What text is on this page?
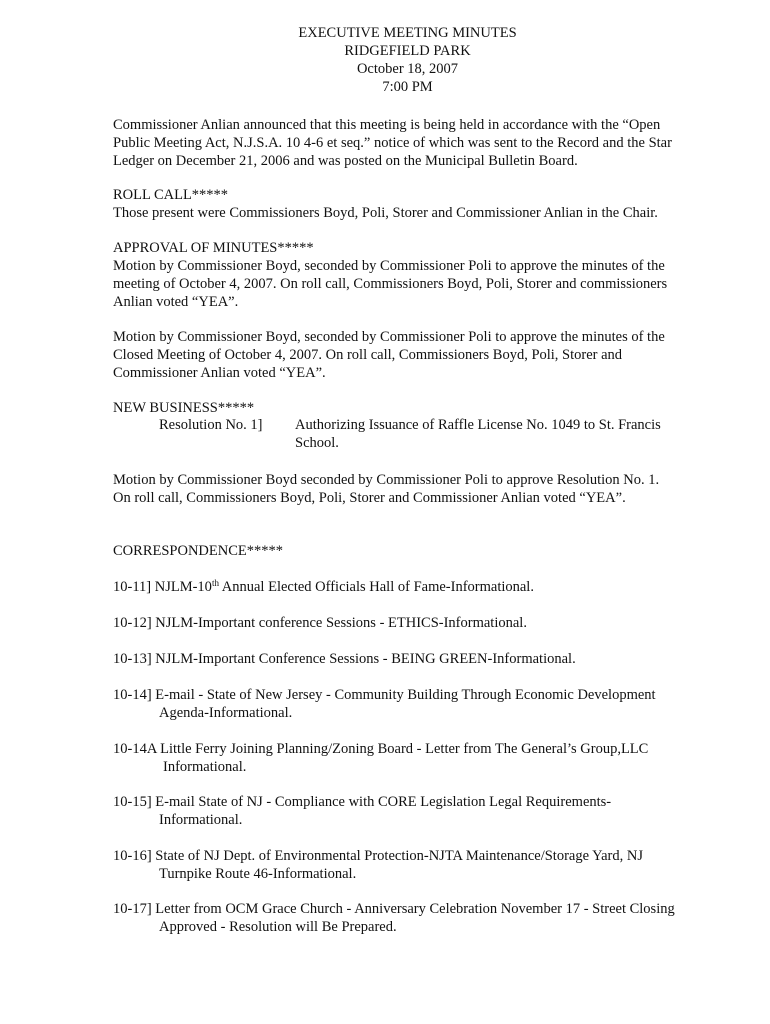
EXECUTIVE MEETING MINUTES
RIDGEFIELD PARK
October 18, 2007
7:00 PM
Commissioner Anlian announced that this meeting is being held in accordance with the “Open
Public Meeting Act, N.J.S.A. 10 4-6 et seq.” notice of which was sent to the Record and the Star
Ledger on December 21, 2006 and was posted on the Municipal Bulletin Board.
ROLL CALL*****
Those present were Commissioners Boyd, Poli, Storer and Commissioner Anlian in the Chair.
APPROVAL OF MINUTES*****
Motion by Commissioner Boyd, seconded by Commissioner Poli to approve the minutes of the
meeting of October 4, 2007. On roll call, Commissioners Boyd, Poli, Storer and commissioners
Anlian voted “YEA”.
Motion by Commissioner Boyd, seconded by Commissioner Poli to approve the minutes of the
Closed Meeting of October 4, 2007. On roll call, Commissioners Boyd, Poli, Storer and
Commissioner Anlian voted “YEA”.
NEW BUSINESS*****
Resolution No. 1] Authorizing Issuance of Raffle License No. 1049 to St. Francis
School.
Motion by Commissioner Boyd seconded by Commissioner Poli to approve Resolution No. 1.
On roll call, Commissioners Boyd, Poli, Storer and Commissioner Anlian voted “YEA”.
CORRESPONDENCE*****
10-11] NJLM-10th Annual Elected Officials Hall of Fame-Informational.
10-12] NJLM-Important conference Sessions - ETHICS-Informational.
10-13] NJLM-Important Conference Sessions - BEING GREEN-Informational.
10-14] E-mail - State of New Jersey - Community Building Through Economic Development
Agenda-Informational.
10-14A Little Ferry Joining Planning/Zoning Board - Letter from The General’s Group,LLC
Informational.
10-15] E-mail State of NJ - Compliance with CORE Legislation Legal Requirements-
Informational.
10-16] State of NJ Dept. of Environmental Protection-NJTA Maintenance/Storage Yard, NJ
Turnpike Route 46-Informational.
10-17] Letter from OCM Grace Church - Anniversary Celebration November 17 - Street Closing
Approved - Resolution will Be Prepared.
